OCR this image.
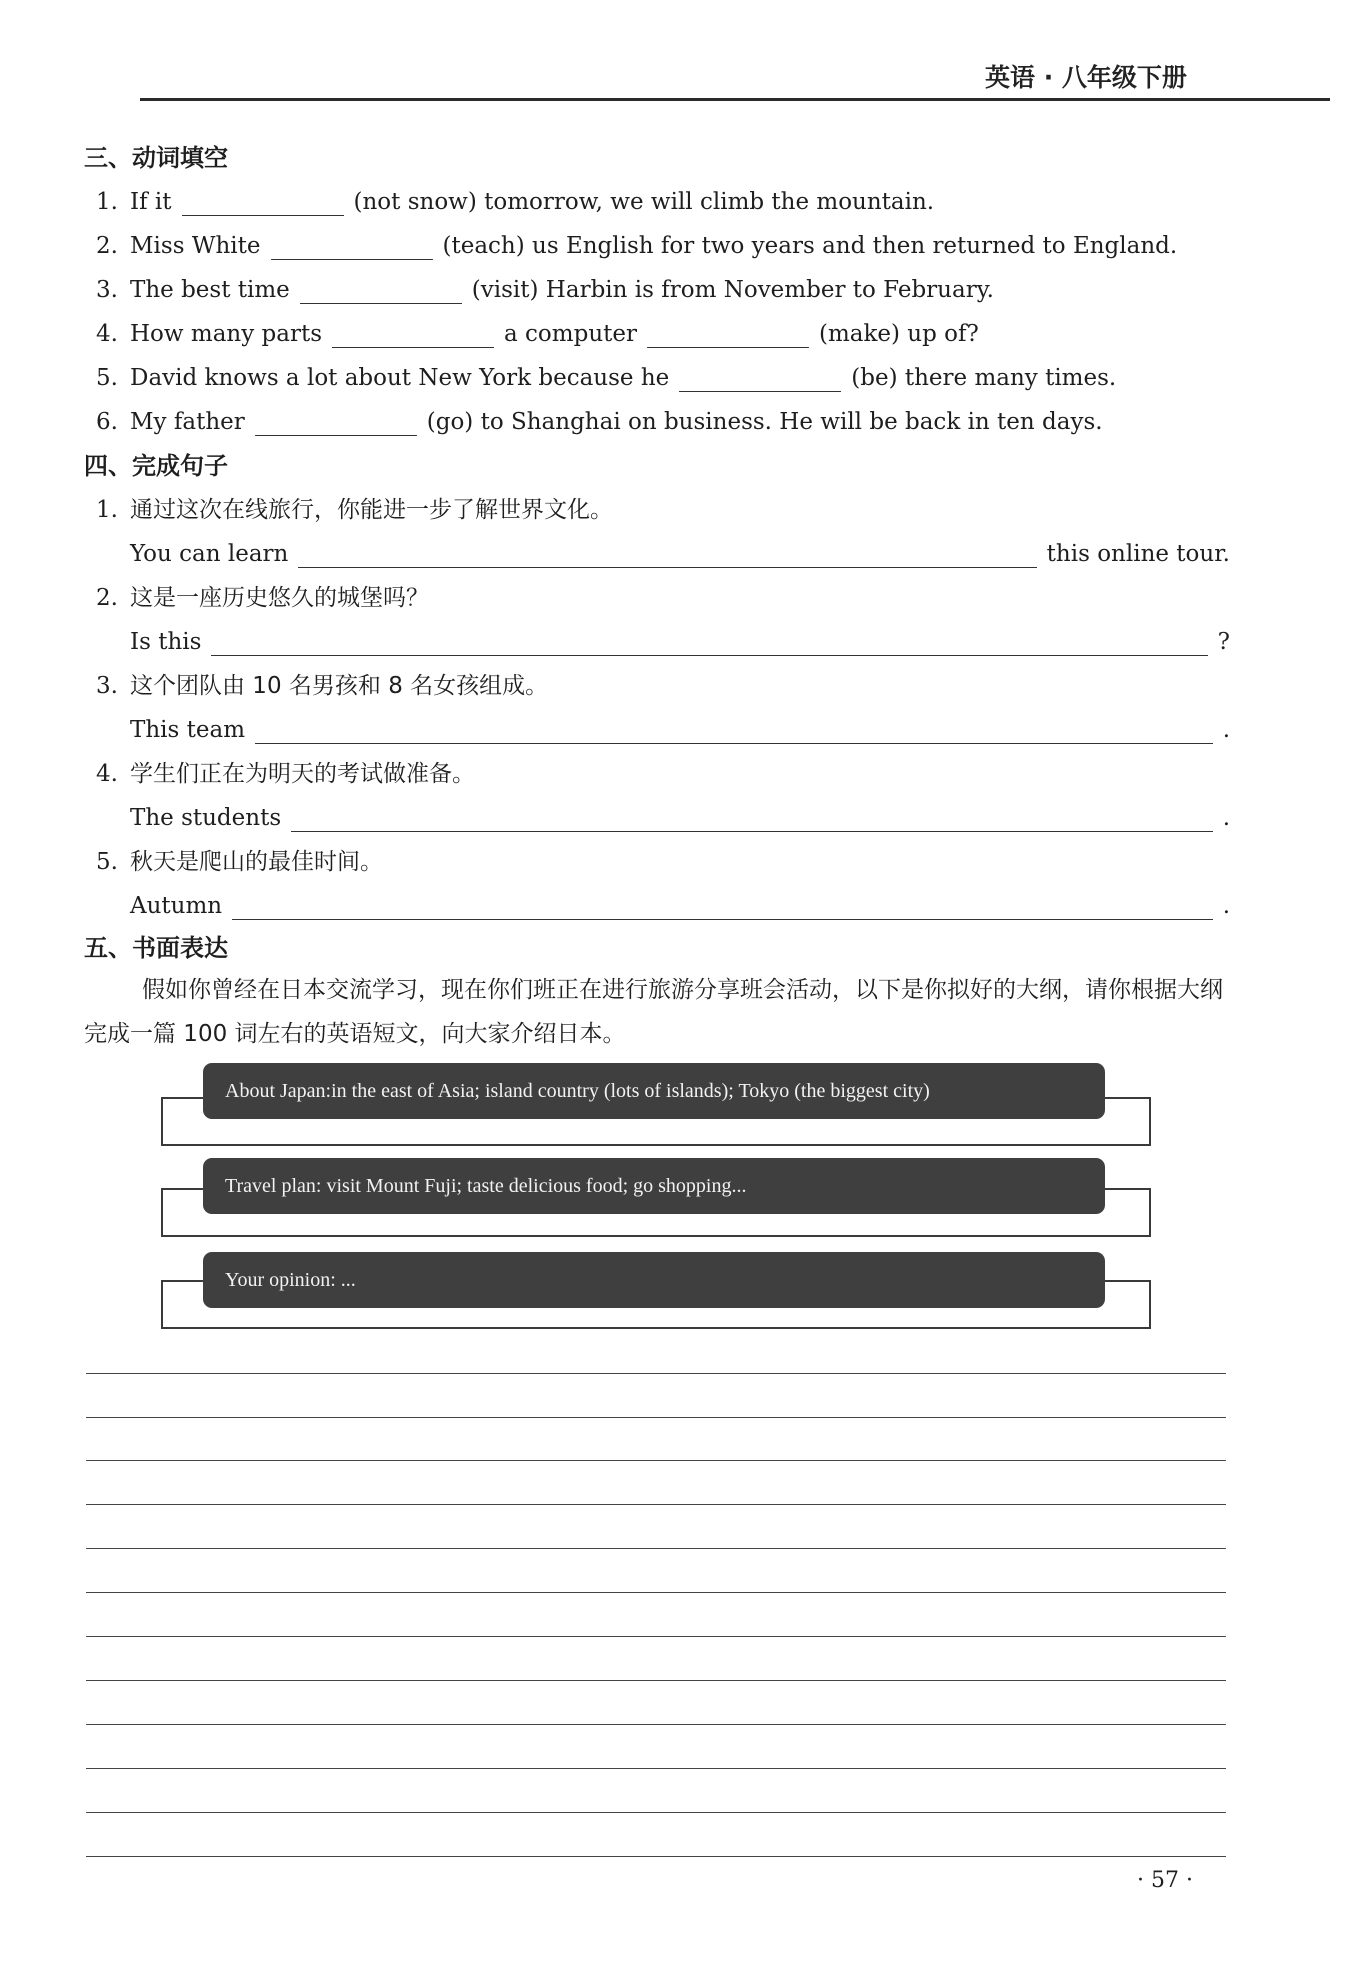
英语 · 八年级下册
三、动词填空
1. If it	(not snow) tomorrow, we will climb the mountain.
2. Miss White	(teach) us English for two years and then returned to England.
3. The best time	(visit) Harbin is from November to February.
4. How many parts	a computer	(make) up of?
5. David knows a lot about New York because he	(be) there many times.
6. My father	(go) to Shanghai on business. He will be back in ten days.
四、完成句子
1. 通过这次在线旅行，你能进一步了解世界文化。
You can learn	this online tour.
2. 这是一座历史悠久的城堡吗？
Is this	?
3. 这个团队由 10 名男孩和 8 名女孩组成。
This team	.
4. 学生们正在为明天的考试做准备。
The students	.
5. 秋天是爬山的最佳时间。
Autumn	.
五、书面表达
假如你曾经在日本交流学习，现在你们班正在进行旅游分享班会活动，以下是你拟好的大纲，请你根据大纲完成一篇 100 词左右的英语短文，向大家介绍日本。
About Japan:in the east of Asia; island country (lots of islands); Tokyo (the biggest city)
Travel plan: visit Mount Fuji; taste delicious food; go shopping...
Your opinion: ...
· 57 ·
